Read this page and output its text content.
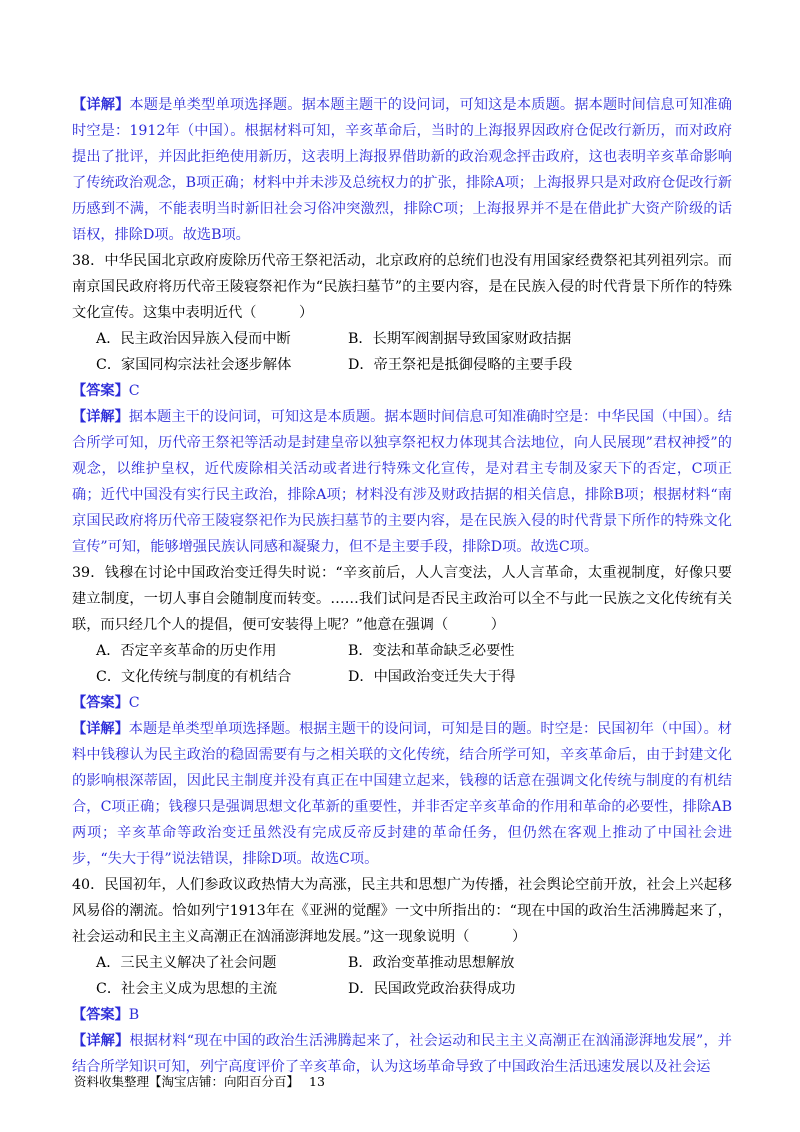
【详解】本题是单类型单项选择题。据本题主题干的设问词，可知这是本质题。据本题时间信息可知准确时空是：1912年（中国）。根据材料可知，辛亥革命后，当时的上海报界因政府仓促改行新历，而对政府提出了批评，并因此拒绝使用新历，这表明上海报界借助新的政治观念抨击政府，这也表明辛亥革命影响了传统政治观念，B项正确；材料中并未涉及总统权力的扩张，排除A项；上海报界只是对政府仓促改行新历感到不满，不能表明当时新旧社会习俗冲突激烈，排除C项；上海报界并不是在借此扩大资产阶级的话语权，排除D项。故选B项。

38．中华民国北京政府废除历代帝王祭祀活动，北京政府的总统们也没有用国家经费祭祀其列祖列宗。而南京国民政府将历代帝王陵寝祭祀作为“民族扫墓节”的主要内容，是在民族入侵的时代背景下所作的特殊文化宣传。这集中表明近代（　　　）

A．民主政治因异族入侵而中断	B．长期军阀割据导致国家财政拮据
C．家国同构宗法社会逐步解体	D．帝王祭祀是抵御侵略的主要手段

【答案】C

【详解】据本题主干的设问词，可知这是本质题。据本题时间信息可知准确时空是：中华民国（中国）。结合所学可知，历代帝王祭祀等活动是封建皇帝以独享祭祀权力体现其合法地位，向人民展现”君权神授”的观念，以维护皇权，近代废除相关活动或者进行特殊文化宣传，是对君主专制及家天下的否定，C项正确；近代中国没有实行民主政治，排除A项；材料没有涉及财政拮据的相关信息，排除B项；根据材料“南京国民政府将历代帝王陵寝祭祀作为民族扫墓节的主要内容，是在民族入侵的时代背景下所作的特殊文化宣传”可知，能够增强民族认同感和凝聚力，但不是主要手段，排除D项。故选C项。

39．钱穆在讨论中国政治变迁得失时说：“辛亥前后，人人言变法，人人言革命，太重视制度，好像只要建立制度，一切人事自会随制度而转变。……我们试问是否民主政治可以全不与此一民族之文化传统有关联，而只经几个人的提倡，便可安装得上呢？”他意在强调（　　　）

A．否定辛亥革命的历史作用	B．变法和革命缺乏必要性
C．文化传统与制度的有机结合	D．中国政治变迁失大于得

【答案】C

【详解】本题是单类型单项选择题。根据主题干的设问词，可知是目的题。时空是：民国初年（中国）。材料中钱穆认为民主政治的稳固需要有与之相关联的文化传统，结合所学可知，辛亥革命后，由于封建文化的影响根深蒂固，因此民主制度并没有真正在中国建立起来，钱穆的话意在强调文化传统与制度的有机结合，C项正确；钱穆只是强调思想文化革新的重要性，并非否定辛亥革命的作用和革命的必要性，排除AB两项；辛亥革命等政治变迁虽然没有完成反帝反封建的革命任务，但仍然在客观上推动了中国社会进步，“失大于得”说法错误，排除D项。故选C项。

40．民国初年，人们参政议政热情大为高涨，民主共和思想广为传播，社会舆论空前开放，社会上兴起移风易俗的潮流。恰如列宁1913年在《亚洲的觉醒》一文中所指出的：“现在中国的政治生活沸腾起来了，社会运动和民主主义高潮正在汹涌澎湃地发展。”这一现象说明（　　　）

A．三民主义解决了社会问题	B．政治变革推动思想解放
C．社会主义成为思想的主流	D．民国政党政治获得成功

【答案】B

【详解】根据材料“现在中国的政治生活沸腾起来了，社会运动和民主主义高潮正在汹涌澎湃地发展”，并结合所学知识可知，列宁高度评价了辛亥革命，认为这场革命导致了中国政治生活迅速发展以及社会运

资料收集整理【淘宝店铺：向阳百分百】 13
